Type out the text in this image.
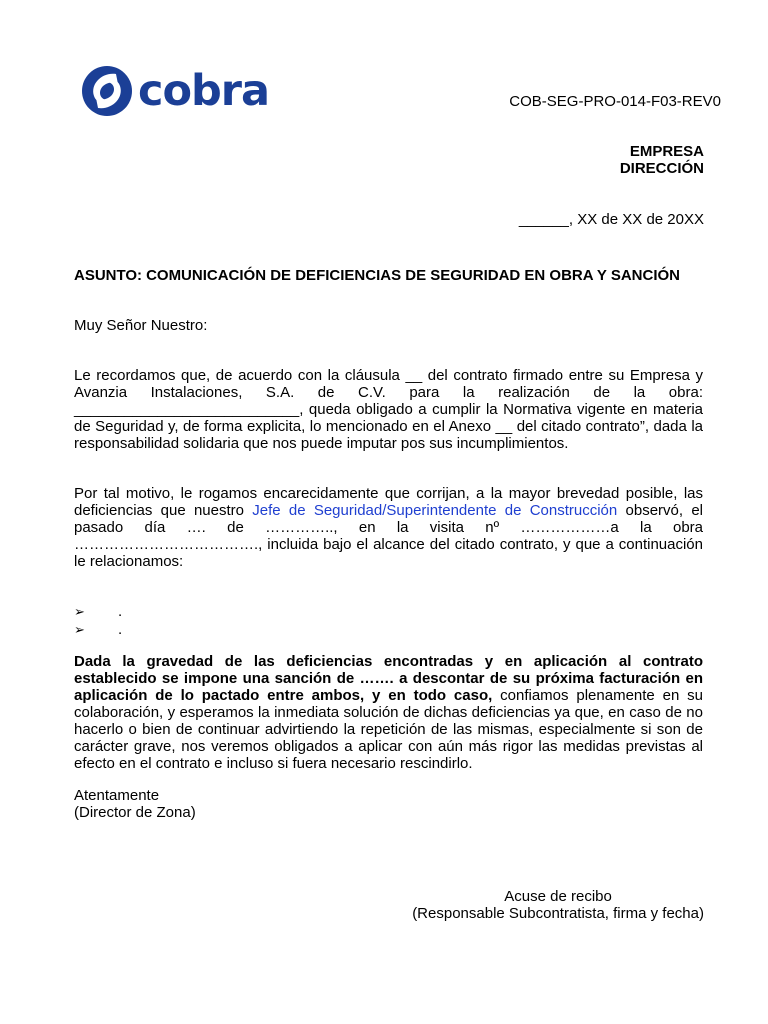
cobra	COB-SEG-PRO-014-F03-REV0
EMPRESA
DIRECCIÓN
______, XX de XX de 20XX
ASUNTO: COMUNICACIÓN DE DEFICIENCIAS DE SEGURIDAD EN OBRA Y SANCIÓN
Muy Señor Nuestro:
Le recordamos que, de acuerdo con la cláusula __ del contrato firmado entre su Empresa y Avanzia Instalaciones, S.A. de C.V. para la realización de la obra: ___________________________, queda obligado a cumplir la Normativa vigente en materia de Seguridad y, de forma explicita, lo mencionado en el Anexo __ del citado contrato”, dada la responsabilidad solidaria que nos puede imputar pos sus incumplimientos.
Por tal motivo, le rogamos encarecidamente que corrijan, a la mayor brevedad posible, las deficiencias que nuestro Jefe de Seguridad/Superintendente de Construcción observó, el pasado día …. de ………….., en la visita nº ………………a la obra ………………………………., incluida bajo el alcance del citado contrato, y que a continuación le relacionamos:
➢	.
➢	.
Dada la gravedad de las deficiencias encontradas y en aplicación al contrato establecido se impone una sanción de ……. a descontar de su próxima facturación en aplicación de lo pactado entre ambos, y en todo caso, confiamos plenamente en su colaboración, y esperamos la inmediata solución de dichas deficiencias ya que, en caso de no hacerlo o bien de continuar advirtiendo la repetición de las mismas, especialmente si son de carácter grave, nos veremos obligados a aplicar con aún más rigor las medidas previstas al efecto en el contrato e incluso si fuera necesario rescindirlo.
Atentamente
(Director de Zona)
Acuse de recibo
(Responsable Subcontratista, firma y fecha)
